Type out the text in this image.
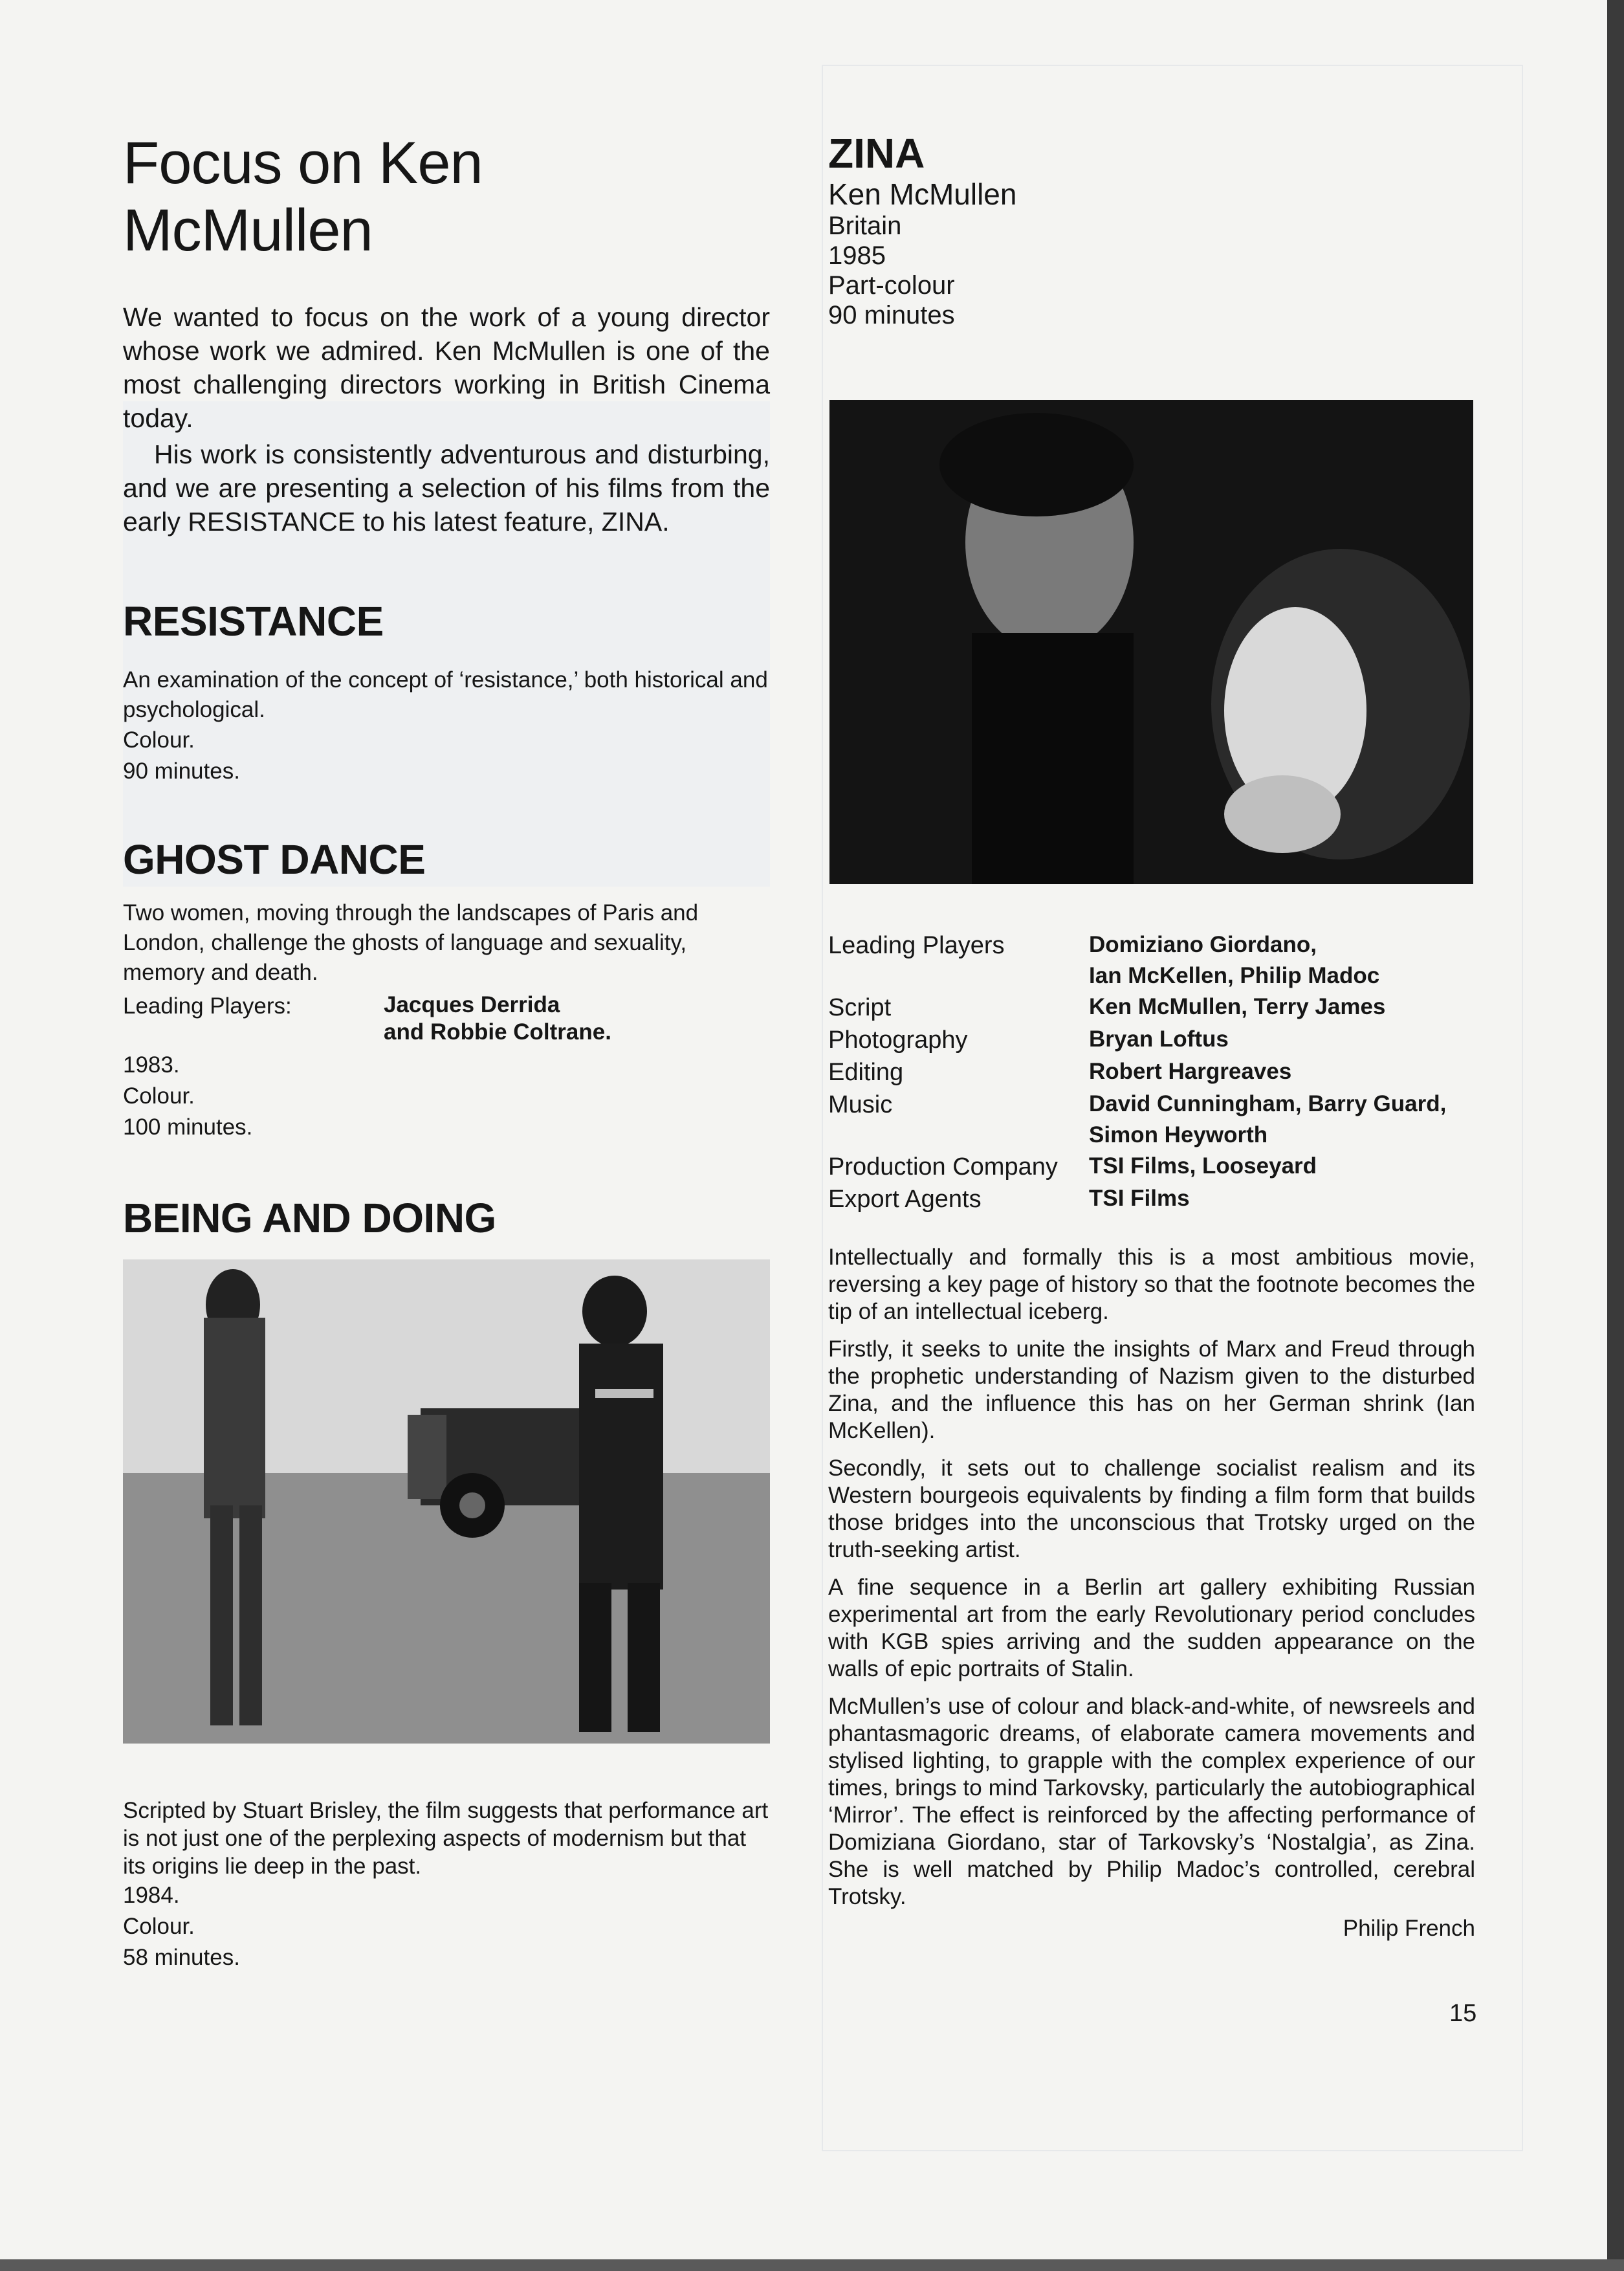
Focus on Ken McMullen

We wanted to focus on the work of a young director whose work we admired. Ken McMullen is one of the most challenging directors working in British Cinema today.

His work is consistently adventurous and disturbing, and we are presenting a selection of his films from the early RESISTANCE to his latest feature, ZINA.

RESISTANCE

An examination of the concept of ‘resistance,’ both historical and psychological.

Colour.

90 minutes.

GHOST DANCE

Two women, moving through the landscapes of Paris and London, challenge the ghosts of language and sexuality, memory and death.

Leading Players:	Jacques Derrida
and Robbie Coltrane.

1983.

Colour.

100 minutes.

BEING AND DOING

Scripted by Stuart Brisley, the film suggests that performance art is not just one of the perplexing aspects of modernism but that its origins lie deep in the past.

1984.

Colour.

58 minutes.

ZINA

Ken McMullen

Britain

1985

Part-colour

90 minutes

Leading Players	Domiziano Giordano,
Ian McKellen, Philip Madoc
Script	Ken McMullen, Terry James
Photography	Bryan Loftus
Editing	Robert Hargreaves
Music	David Cunningham, Barry Guard,
Simon Heyworth
Production Company	TSI Films, Looseyard
Export Agents	TSI Films

Intellectually and formally this is a most ambitious movie, reversing a key page of history so that the footnote becomes the tip of an intellectual iceberg.

Firstly, it seeks to unite the insights of Marx and Freud through the prophetic understanding of Nazism given to the disturbed Zina, and the influence this has on her German shrink (Ian McKellen).

Secondly, it sets out to challenge socialist realism and its Western bourgeois equivalents by finding a film form that builds those bridges into the unconscious that Trotsky urged on the truth-seeking artist.

A fine sequence in a Berlin art gallery exhibiting Russian experimental art from the early Revolutionary period concludes with KGB spies arriving and the sudden appearance on the walls of epic portraits of Stalin.

McMullen’s use of colour and black-and-white, of newsreels and phantasmagoric dreams, of elaborate camera movements and stylised lighting, to grapple with the complex experience of our times, brings to mind Tarkovsky, particularly the autobiographical ‘Mirror’. The effect is reinforced by the affecting performance of Domiziana Giordano, star of Tarkovsky’s ‘Nostalgia’, as Zina. She is well matched by Philip Madoc’s controlled, cerebral Trotsky.

Philip French
15
